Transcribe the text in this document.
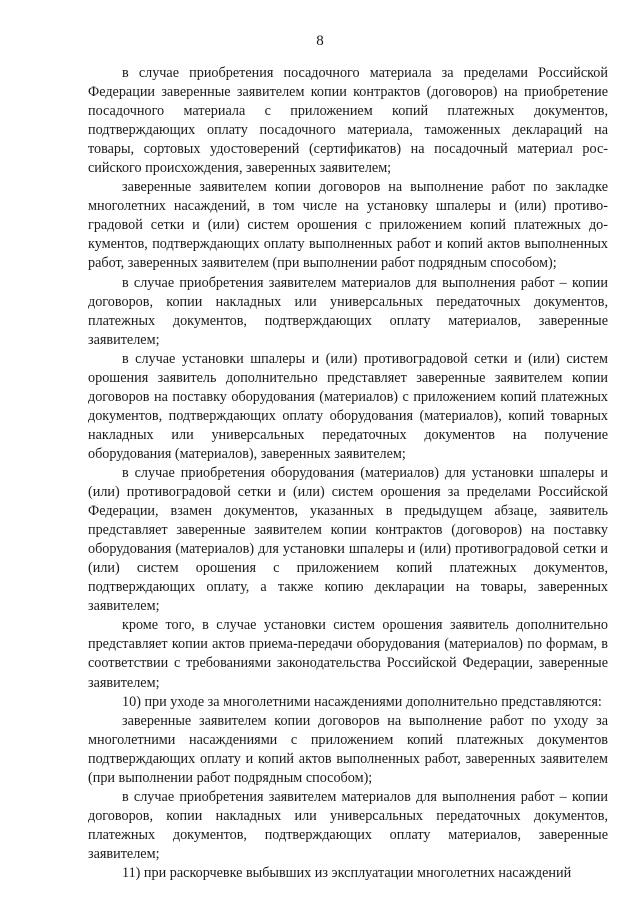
8

в случае приобретения посадочного материала за пределами Российской Федерации заверенные заявителем копии контрактов (договоров) на приобретение посадочного материала с приложением копий платежных документов, подтверждающих оплату посадочного материала, таможенных деклараций на товары, сортовых удостоверений (сертификатов) на посадочный материал российского происхождения, заверенных заявителем;

заверенные заявителем копии договоров на выполнение работ по закладке многолетних насаждений, в том числе на установку шпалеры и (или) противоградовой сетки и (или) систем орошения с приложением копий платежных документов, подтверждающих оплату выполненных работ и копий актов выполненных работ, заверенных заявителем (при выполнении работ подрядным способом);

в случае приобретения заявителем материалов для выполнения работ – копии договоров, копии накладных или универсальных передаточных документов, платежных документов, подтверждающих оплату материалов, заверенные заявителем;

в случае установки шпалеры и (или) противоградовой сетки и (или) систем орошения заявитель дополнительно представляет заверенные заявителем копии договоров на поставку оборудования (материалов) с приложением копий платежных документов, подтверждающих оплату оборудования (материалов), копий товарных накладных или универсальных передаточных документов на получение оборудования (материалов), заверенных заявителем;

в случае приобретения оборудования (материалов) для установки шпалеры и (или) противоградовой сетки и (или) систем орошения за пределами Российской Федерации, взамен документов, указанных в предыдущем абзаце, заявитель представляет заверенные заявителем копии контрактов (договоров) на поставку оборудования (материалов) для установки шпалеры и (или) противоградовой сетки и (или) систем орошения с приложением копий платежных документов, подтверждающих оплату, а также копию декларации на товары, заверенных заявителем;

кроме того, в случае установки систем орошения заявитель дополнительно представляет копии актов приема-передачи оборудования (материалов) по формам, в соответствии с требованиями законодательства Российской Федерации, заверенные заявителем;

10) при уходе за многолетними насаждениями дополнительно представляются:

заверенные заявителем копии договоров на выполнение работ по уходу за многолетними насаждениями с приложением копий платежных документов подтверждающих оплату и копий актов выполненных работ, заверенных заявителем (при выполнении работ подрядным способом);

в случае приобретения заявителем материалов для выполнения работ – копии договоров, копии накладных или универсальных передаточных документов, платежных документов, подтверждающих оплату материалов, заверенные заявителем;

11) при раскорчевке выбывших из эксплуатации многолетних насаждений
